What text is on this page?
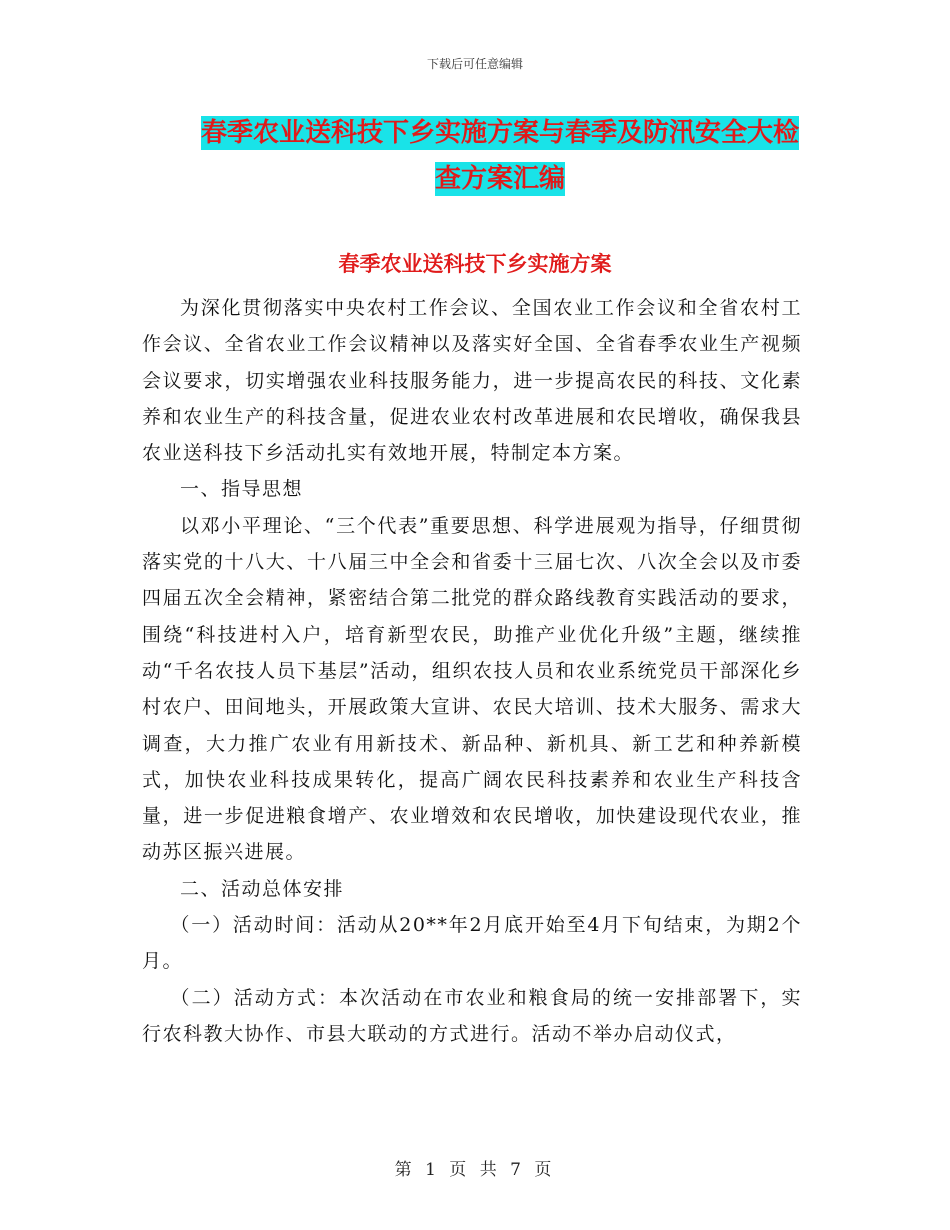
下载后可任意编辑
春季农业送科技下乡实施方案与春季及防汛安全大检
查方案汇编
春季农业送科技下乡实施方案

为深化贯彻落实中央农村工作会议、全国农业工作会议和全省农村工作会议、全省农业工作会议精神以及落实好全国、全省春季农业生产视频会议要求，切实增强农业科技服务能力，进一步提高农民的科技、文化素养和农业生产的科技含量，促进农业农村改革进展和农民增收，确保我县农业送科技下乡活动扎实有效地开展，特制定本方案。

一、指导思想

以邓小平理论、“三个代表”重要思想、科学进展观为指导，仔细贯彻落实党的十八大、十八届三中全会和省委十三届七次、八次全会以及市委四届五次全会精神，紧密结合第二批党的群众路线教育实践活动的要求，围绕“科技进村入户，培育新型农民，助推产业优化升级”主题，继续推动“千名农技人员下基层”活动，组织农技人员和农业系统党员干部深化乡村农户、田间地头，开展政策大宣讲、农民大培训、技术大服务、需求大调查，大力推广农业有用新技术、新品种、新机具、新工艺和种养新模式，加快农业科技成果转化，提高广阔农民科技素养和农业生产科技含量，进一步促进粮食增产、农业增效和农民增收，加快建设现代农业，推动苏区振兴进展。

二、活动总体安排

（一）活动时间：活动从20**年2月底开始至4月下旬结束，为期2个月。

（二）活动方式：本次活动在市农业和粮食局的统一安排部署下，实行农科教大协作、市县大联动的方式进行。活动不举办启动仪式，

第 1 页 共 7 页
